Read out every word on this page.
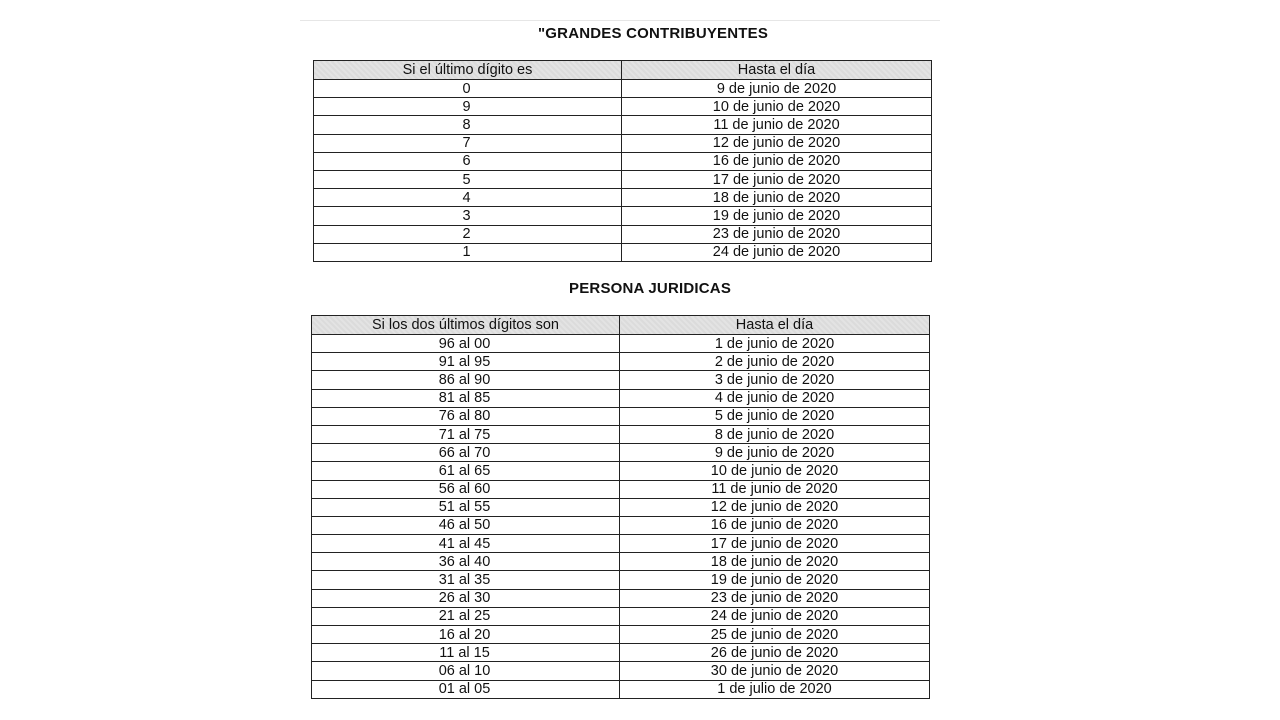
"GRANDES CONTRIBUYENTES
Si el último dígito es	Hasta el día
0	9 de junio de 2020
9	10 de junio de 2020
8	11 de junio de 2020
7	12 de junio de 2020
6	16 de junio de 2020
5	17 de junio de 2020
4	18 de junio de 2020
3	19 de junio de 2020
2	23 de junio de 2020
1	24 de junio de 2020
PERSONA JURIDICAS
Si los dos últimos dígitos son	Hasta el día
96 al 00	1 de junio de 2020
91 al 95	2 de junio de 2020
86 al 90	3 de junio de 2020
81 al 85	4 de junio de 2020
76 al 80	5 de junio de 2020
71 al 75	8 de junio de 2020
66 al 70	9 de junio de 2020
61 al 65	10 de junio de 2020
56 al 60	11 de junio de 2020
51 al 55	12 de junio de 2020
46 al 50	16 de junio de 2020
41 al 45	17 de junio de 2020
36 al 40	18 de junio de 2020
31 al 35	19 de junio de 2020
26 al 30	23 de junio de 2020
21 al 25	24 de junio de 2020
16 al 20	25 de junio de 2020
11 al 15	26 de junio de 2020
06 al 10	30 de junio de 2020
01 al 05	1 de julio de 2020
